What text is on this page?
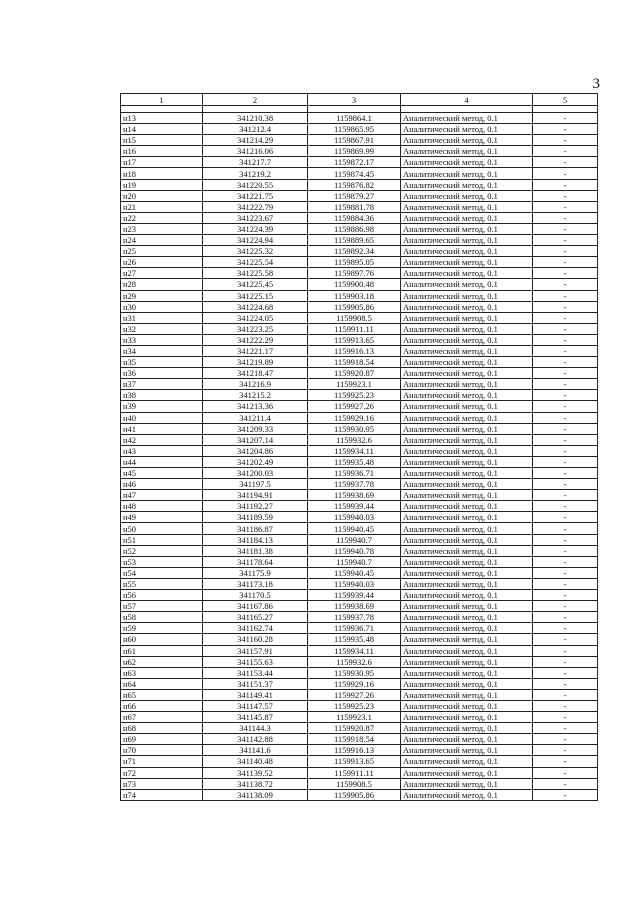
3
1	2	3	4	5

н13	341210.38	1159864.1	Аналитический метод, 0.1	-
н14	341212.4	1159865.95	Аналитический метод, 0.1	-
н15	341214.29	1159867.91	Аналитический метод, 0.1	-
н16	341216.06	1159869.99	Аналитический метод, 0.1	-
н17	341217.7	1159872.17	Аналитический метод, 0.1	-
н18	341219.2	1159874.45	Аналитический метод, 0.1	-
н19	341220.55	1159876.82	Аналитический метод, 0.1	-
н20	341221.75	1159879.27	Аналитический метод, 0.1	-
н21	341222.79	1159881.78	Аналитический метод, 0.1	-
н22	341223.67	1159884.36	Аналитический метод, 0.1	-
н23	341224.39	1159886.98	Аналитический метод, 0.1	-
н24	341224.94	1159889.65	Аналитический метод, 0.1	-
н25	341225.32	1159892.34	Аналитический метод, 0.1	-
н26	341225.54	1159895.05	Аналитический метод, 0.1	-
н27	341225.58	1159897.76	Аналитический метод, 0.1	-
н28	341225.45	1159900.48	Аналитический метод, 0.1	-
н29	341225.15	1159903.18	Аналитический метод, 0.1	-
н30	341224.68	1159905.86	Аналитический метод, 0.1	-
н31	341224.05	1159908.5	Аналитический метод, 0.1	-
н32	341223.25	1159911.11	Аналитический метод, 0.1	-
н33	341222.29	1159913.65	Аналитический метод, 0.1	-
н34	341221.17	1159916.13	Аналитический метод, 0.1	-
н35	341219.89	1159918.54	Аналитический метод, 0.1	-
н36	341218.47	1159920.87	Аналитический метод, 0.1	-
н37	341216.9	1159923.1	Аналитический метод, 0.1	-
н38	341215.2	1159925.23	Аналитический метод, 0.1	-
н39	341213.36	1159927.26	Аналитический метод, 0.1	-
н40	341211.4	1159929.16	Аналитический метод, 0.1	-
н41	341209.33	1159930.95	Аналитический метод, 0.1	-
н42	341207.14	1159932.6	Аналитический метод, 0.1	-
н43	341204.86	1159934.11	Аналитический метод, 0.1	-
н44	341202.49	1159935.48	Аналитический метод, 0.1	-
н45	341200.03	1159936.71	Аналитический метод, 0.1	-
н46	341197.5	1159937.78	Аналитический метод, 0.1	-
н47	341194.91	1159938.69	Аналитический метод, 0.1	-
н48	341192.27	1159939.44	Аналитический метод, 0.1	-
н49	341189.59	1159940.03	Аналитический метод, 0.1	-
н50	341186.87	1159940.45	Аналитический метод, 0.1	-
н51	341184.13	1159940.7	Аналитический метод, 0.1	-
н52	341181.38	1159940.78	Аналитический метод, 0.1	-
н53	341178.64	1159940.7	Аналитический метод, 0.1	-
н54	341175.9	1159940.45	Аналитический метод, 0.1	-
н55	341173.18	1159940.03	Аналитический метод, 0.1	-
н56	341170.5	1159939.44	Аналитический метод, 0.1	-
н57	341167.86	1159938.69	Аналитический метод, 0.1	-
н58	341165.27	1159937.78	Аналитический метод, 0.1	-
н59	341162.74	1159936.71	Аналитический метод, 0.1	-
н60	341160.28	1159935.48	Аналитический метод, 0.1	-
н61	341157.91	1159934.11	Аналитический метод, 0.1	-
н62	341155.63	1159932.6	Аналитический метод, 0.1	-
н63	341153.44	1159930.95	Аналитический метод, 0.1	-
н64	341151.37	1159929.16	Аналитический метод, 0.1	-
н65	341149.41	1159927.26	Аналитический метод, 0.1	-
н66	341147.57	1159925.23	Аналитический метод, 0.1	-
н67	341145.87	1159923.1	Аналитический метод, 0.1	-
н68	341144.3	1159920.87	Аналитический метод, 0.1	-
н69	341142.88	1159918.54	Аналитический метод, 0.1	-
н70	341141.6	1159916.13	Аналитический метод, 0.1	-
н71	341140.48	1159913.65	Аналитический метод, 0.1	-
н72	341139.52	1159911.11	Аналитический метод, 0.1	-
н73	341138.72	1159908.5	Аналитический метод, 0.1	-
н74	341138.09	1159905.86	Аналитический метод, 0.1	-
